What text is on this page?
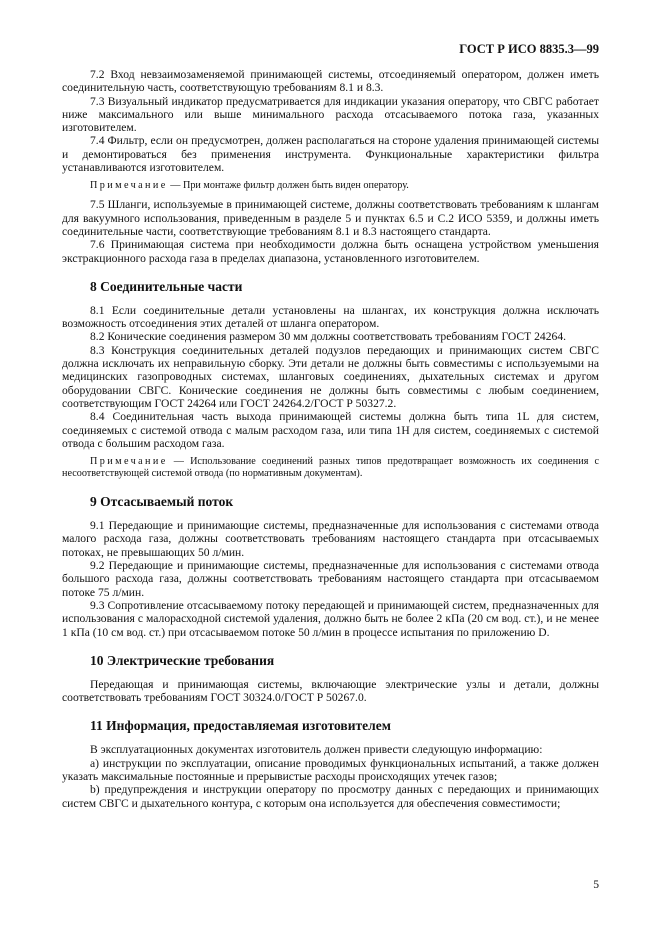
ГОСТ Р ИСО 8835.3—99

7.2 Вход невзаимозаменяемой принимающей системы, отсоединяемый оператором, должен иметь соединительную часть, соответствующую требованиям 8.1 и 8.3.

7.3 Визуальный индикатор предусматривается для индикации указания оператору, что СВГС работает ниже максимального или выше минимального расхода отсасываемого потока газа, указанных изготовителем.

7.4 Фильтр, если он предусмотрен, должен располагаться на стороне удаления принимающей системы и демонтироваться без применения инструмента. Функциональные характеристики фильтра устанавливаются изготовителем.

Примечание — При монтаже фильтр должен быть виден оператору.

7.5 Шланги, используемые в принимающей системе, должны соответствовать требованиям к шлангам для вакуумного использования, приведенным в разделе 5 и пунктах 6.5 и С.2 ИСО 5359, и должны иметь соединительные части, соответствующие требованиям 8.1 и 8.3 настоящего стандарта.

7.6 Принимающая система при необходимости должна быть оснащена устройством уменьшения экстракционного расхода газа в пределах диапазона, установленного изготовителем.

8 Соединительные части

8.1 Если соединительные детали установлены на шлангах, их конструкция должна исключать возможность отсоединения этих деталей от шланга оператором.

8.2 Конические соединения размером 30 мм должны соответствовать требованиям ГОСТ 24264.

8.3 Конструкция соединительных деталей подузлов передающих и принимающих систем СВГС должна исключать их неправильную сборку. Эти детали не должны быть совместимы с используемыми на медицинских газопроводных системах, шланговых соединениях, дыхательных системах и другом оборудовании СВГС. Конические соединения не должны быть совместимы с любым соединением, соответствующим ГОСТ 24264 или ГОСТ 24264.2/ГОСТ Р 50327.2.

8.4 Соединительная часть выхода принимающей системы должна быть типа 1L для систем, соединяемых с системой отвода с малым расходом газа, или типа 1Н для систем, соединяемых с системой отвода с большим расходом газа.

Примечание — Использование соединений разных типов предотвращает возможность их соединения с несоответствующей системой отвода (по нормативным документам).

9 Отсасываемый поток

9.1 Передающие и принимающие системы, предназначенные для использования с системами отвода малого расхода газа, должны соответствовать требованиям настоящего стандарта при отсасываемых потоках, не превышающих 50 л/мин.

9.2 Передающие и принимающие системы, предназначенные для использования с системами отвода большого расхода газа, должны соответствовать требованиям настоящего стандарта при отсасываемом потоке 75 л/мин.

9.3 Сопротивление отсасываемому потоку передающей и принимающей систем, предназначенных для использования с малорасходной системой удаления, должно быть не более 2 кПа (20 см вод. ст.), и не менее 1 кПа (10 см вод. ст.) при отсасываемом потоке 50 л/мин в процессе испытания по приложению D.

10 Электрические требования

Передающая и принимающая системы, включающие электрические узлы и детали, должны соответствовать требованиям ГОСТ 30324.0/ГОСТ Р 50267.0.

11 Информация, предоставляемая изготовителем

В эксплуатационных документах изготовитель должен привести следующую информацию:

а) инструкции по эксплуатации, описание проводимых функциональных испытаний, а также должен указать максимальные постоянные и прерывистые расходы происходящих утечек газов;

b) предупреждения и инструкции оператору по просмотру данных с передающих и принимающих систем СВГС и дыхательного контура, с которым она используется для обеспечения совместимости;

5
